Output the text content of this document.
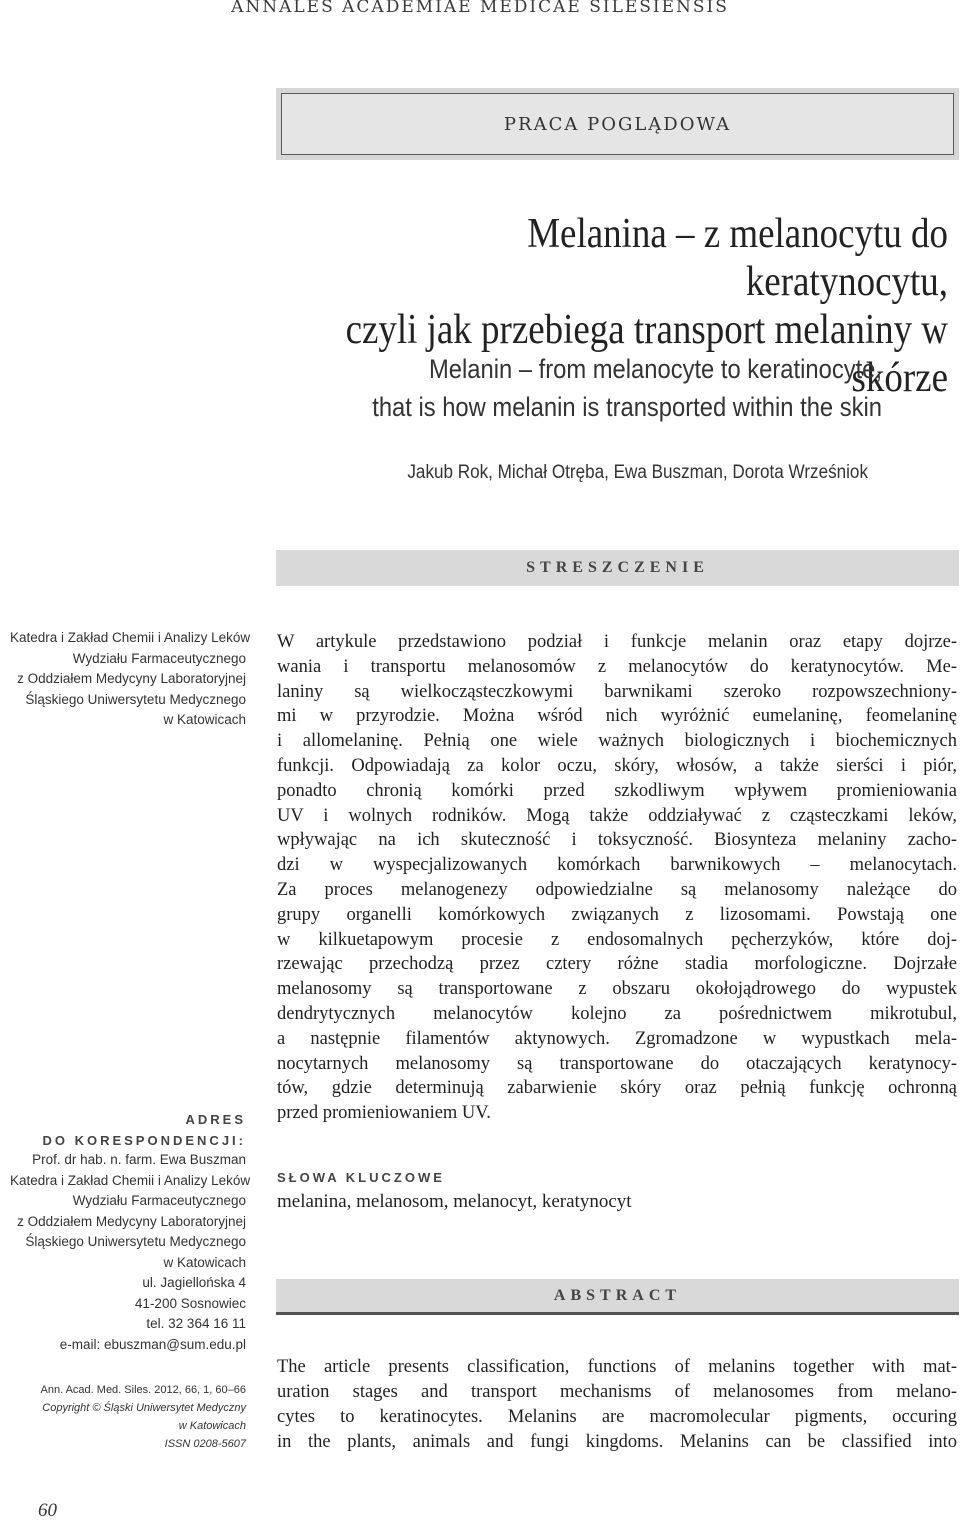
ANNALES ACADEMIAE MEDICAE SILESIENSIS
PRACA POGLĄDOWA
Melanina – z melanocytu do keratynocytu,
czyli jak przebiega transport melaniny w skórze
Melanin – from melanocyte to keratinocyte,
that is how melanin is transported within the skin
Jakub Rok, Michał Otręba, Ewa Buszman, Dorota Wrześniok
STRESZCZENIE
Katedra i Zakład Chemii i Analizy Leków
Wydziału Farmaceutycznego
z Oddziałem Medycyny Laboratoryjnej
Śląskiego Uniwersytetu Medycznego
w Katowicach
ADRES
DO KORESPONDENCJI:
Prof. dr hab. n. farm. Ewa Buszman
Katedra i Zakład Chemii i Analizy Leków
Wydziału Farmaceutycznego
z Oddziałem Medycyny Laboratoryjnej
Śląskiego Uniwersytetu Medycznego
w Katowicach
ul. Jagiellońska 4
41-200 Sosnowiec
tel. 32 364 16 11
e-mail: ebuszman@sum.edu.pl
Ann. Acad. Med. Siles. 2012, 66, 1, 60–66
Copyright © Śląski Uniwersytet Medyczny
w Katowicach
ISSN 0208-5607
W artykule przedstawiono podział i funkcje melanin oraz etapy dojrze-
wania i transportu melanosomów z melanocytów do keratynocytów. Me-
laniny są wielkocząsteczkowymi barwnikami szeroko rozpowszechniony-
mi w przyrodzie. Można wśród nich wyróżnić eumelaninę, feomelaninę
i allomelaninę. Pełnią one wiele ważnych biologicznych i biochemicznych
funkcji. Odpowiadają za kolor oczu, skóry, włosów, a także sierści i piór,
ponadto chronią komórki przed szkodliwym wpływem promieniowania
UV i wolnych rodników. Mogą także oddziaływać z cząsteczkami leków,
wpływając na ich skuteczność i toksyczność. Biosynteza melaniny zacho-
dzi w wyspecjalizowanych komórkach barwnikowych – melanocytach.
Za proces melanogenezy odpowiedzialne są melanosomy należące do
grupy organelli komórkowych związanych z lizosomami. Powstają one
w kilkuetapowym procesie z endosomalnych pęcherzyków, które doj-
rzewając przechodzą przez cztery różne stadia morfologiczne. Dojrzałe
melanosomy są transportowane z obszaru okołojądrowego do wypustek
dendrytycznych melanocytów kolejno za pośrednictwem mikrotubul,
a następnie filamentów aktynowych. Zgromadzone w wypustkach mela-
nocytarnych melanosomy są transportowane do otaczających keratynocy-
tów, gdzie determinują zabarwienie skóry oraz pełnią funkcję ochronną
przed promieniowaniem UV.
SŁOWA KLUCZOWE
melanina, melanosom, melanocyt, keratynocyt
ABSTRACT
The article presents classification, functions of melanins together with mat-
uration stages and transport mechanisms of melanosomes from melano-
cytes to keratinocytes. Melanins are macromolecular pigments, occuring
in the plants, animals and fungi kingdoms. Melanins can be classified into
60
